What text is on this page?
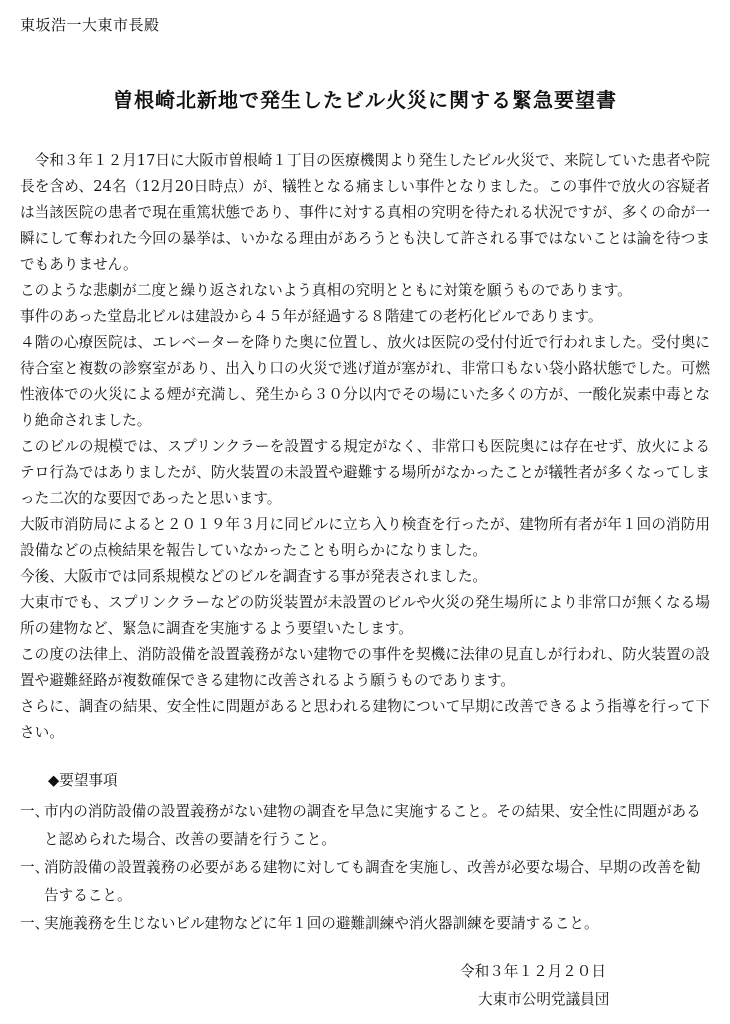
東坂浩一大東市長殿
曽根崎北新地で発生したビル火災に関する緊急要望書

令和３年１２月17日に大阪市曽根崎１丁目の医療機関より発生したビル火災で、来院していた患者や院長を含め、24名（12月20日時点）が、犠牲となる痛ましい事件となりました。この事件で放火の容疑者は当該医院の患者で現在重篤状態であり、事件に対する真相の究明を待たれる状況ですが、多くの命が一瞬にして奪われた今回の暴挙は、いかなる理由があろうとも決して許される事ではないことは論を待つまでもありません。

このような悲劇が二度と繰り返されないよう真相の究明とともに対策を願うものであります。

事件のあった堂島北ビルは建設から４５年が経過する８階建ての老朽化ビルであります。

４階の心療医院は、エレベーターを降りた奥に位置し、放火は医院の受付付近で行われました。受付奥に待合室と複数の診察室があり、出入り口の火災で逃げ道が塞がれ、非常口もない袋小路状態でした。可燃性液体での火災による煙が充満し、発生から３０分以内でその場にいた多くの方が、一酸化炭素中毒となり絶命されました。

このビルの規模では、スプリンクラーを設置する規定がなく、非常口も医院奥には存在せず、放火によるテロ行為ではありましたが、防火装置の未設置や避難する場所がなかったことが犠牲者が多くなってしまった二次的な要因であったと思います。

大阪市消防局によると２０１９年３月に同ビルに立ち入り検査を行ったが、建物所有者が年１回の消防用設備などの点検結果を報告していなかったことも明らかになりました。

今後、大阪市では同系規模などのビルを調査する事が発表されました。

大東市でも、スプリンクラーなどの防災装置が未設置のビルや火災の発生場所により非常口が無くなる場所の建物など、緊急に調査を実施するよう要望いたします。

この度の法律上、消防設備を設置義務がない建物での事件を契機に法律の見直しが行われ、防火装置の設置や避難経路が複数確保できる建物に改善されるよう願うものであります。

さらに、調査の結果、安全性に問題があると思われる建物について早期に改善できるよう指導を行って下さい。

◆要望事項
一、
市内の消防設備の設置義務がない建物の調査を早急に実施すること。その結果、安全性に問題があると認められた場合、改善の要請を行うこと。
一、
消防設備の設置義務の必要がある建物に対しても調査を実施し、改善が必要な場合、早期の改善を勧告すること。
一、
実施義務を生じないビル建物などに年１回の避難訓練や消火器訓練を要請すること。
令和３年１２月２０日
大東市公明党議員団
